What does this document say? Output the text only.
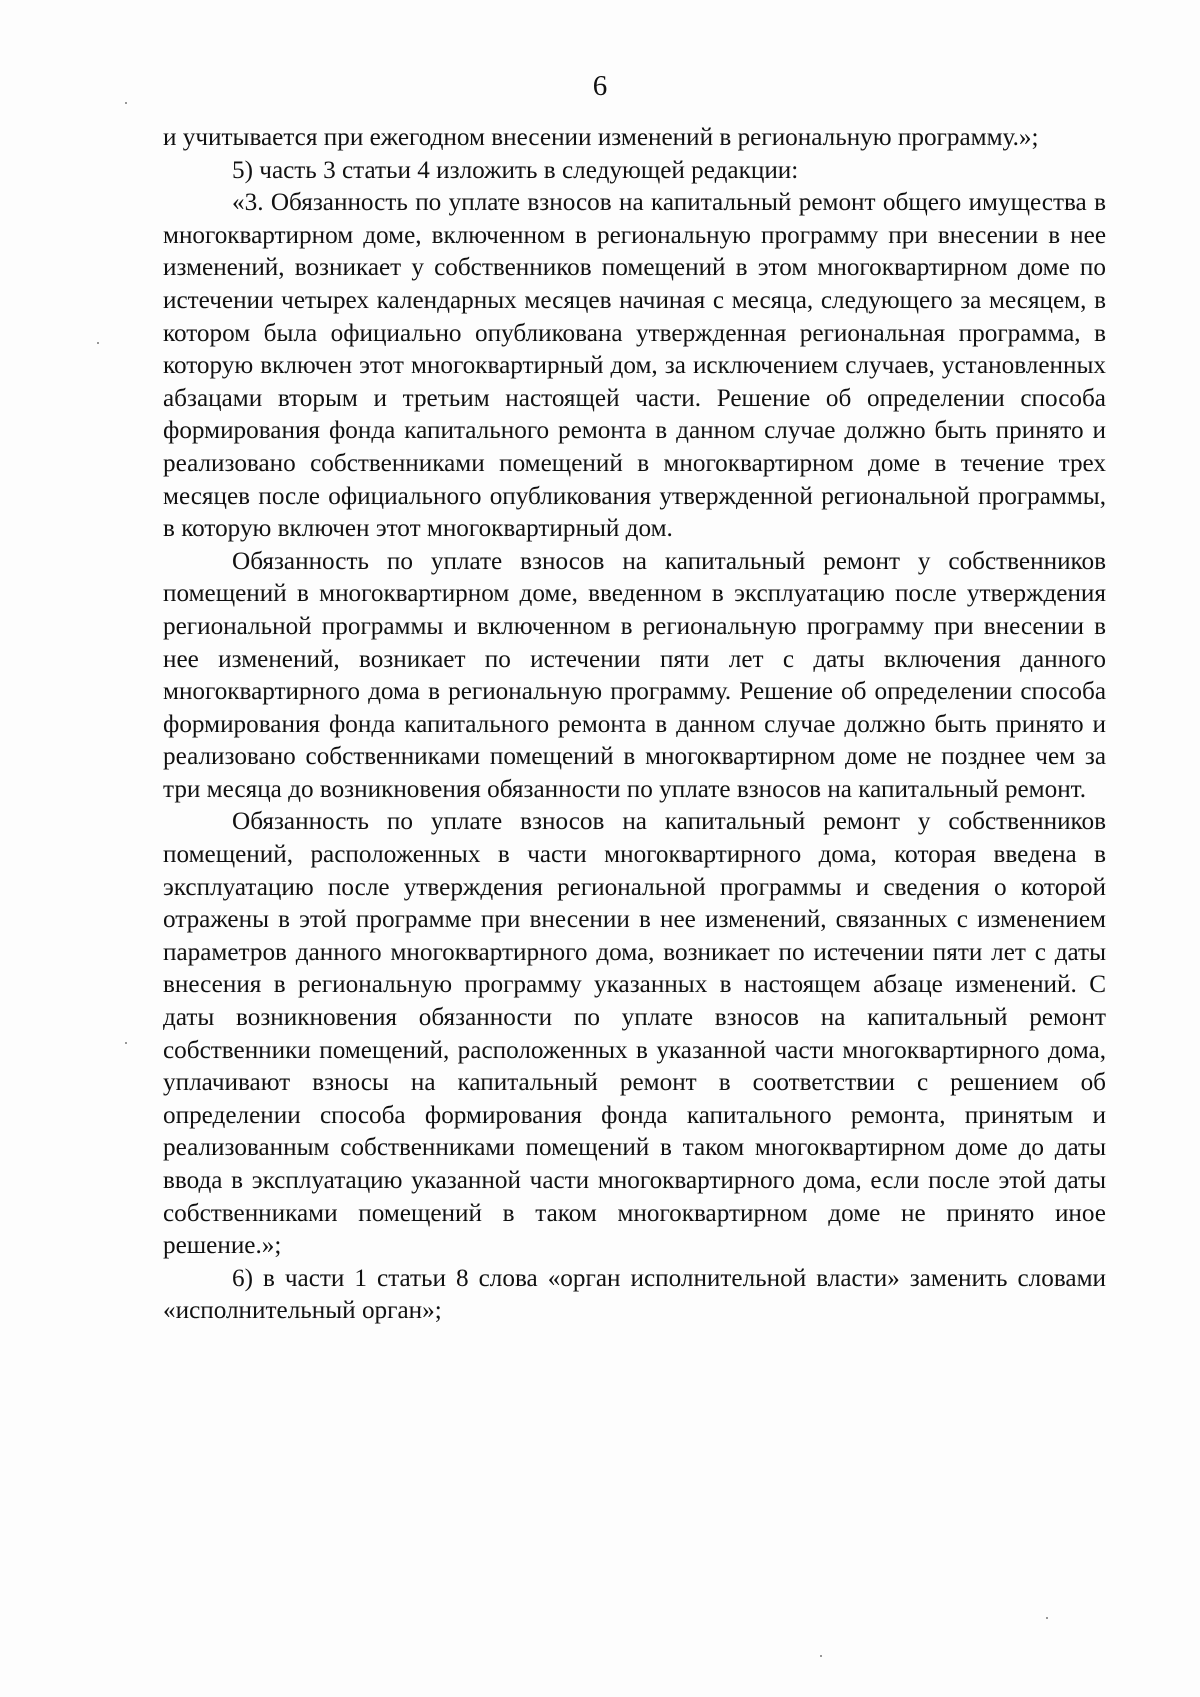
6

и учитывается при ежегодном внесении изменений в региональную программу.»;

5) часть 3 статьи 4 изложить в следующей редакции:

«3. Обязанность по уплате взносов на капитальный ремонт общего имущества в многоквартирном доме, включенном в региональную программу при внесении в нее изменений, возникает у собственников помещений в этом многоквартирном доме по истечении четырех календарных месяцев начиная с месяца, следующего за месяцем, в котором была официально опубликована утвержденная региональная программа, в которую включен этот многоквартирный дом, за исключением случаев, установленных абзацами вторым и третьим настоящей части. Решение об определении способа формирования фонда капитального ремонта в данном случае должно быть принято и реализовано собственниками помещений в многоквартирном доме в течение трех месяцев после официального опубликования утвержденной региональной программы, в которую включен этот многоквартирный дом.

Обязанность по уплате взносов на капитальный ремонт у собственников помещений в многоквартирном доме, введенном в эксплуатацию после утверждения региональной программы и включенном в региональную программу при внесении в нее изменений, возникает по истечении пяти лет с даты включения данного многоквартирного дома в региональную программу. Решение об определении способа формирования фонда капитального ремонта в данном случае должно быть принято и реализовано собственниками помещений в многоквартирном доме не позднее чем за три месяца до возникновения обязанности по уплате взносов на капитальный ремонт.

Обязанность по уплате взносов на капитальный ремонт у собственников помещений, расположенных в части многоквартирного дома, которая введена в эксплуатацию после утверждения региональной программы и сведения о которой отражены в этой программе при внесении в нее изменений, связанных с изменением параметров данного многоквартирного дома, возникает по истечении пяти лет с даты внесения в региональную программу указанных в настоящем абзаце изменений. С даты возникновения обязанности по уплате взносов на капитальный ремонт собственники помещений, расположенных в указанной части многоквартирного дома, уплачивают взносы на капитальный ремонт в соответствии с решением об определении способа формирования фонда капитального ремонта, принятым и реализованным собственниками помещений в таком многоквартирном доме до даты ввода в эксплуатацию указанной части многоквартирного дома, если после этой даты собственниками помещений в таком многоквартирном доме не принято иное решение.»;

6) в части 1 статьи 8 слова «орган исполнительной власти» заменить словами «исполнительный орган»;
